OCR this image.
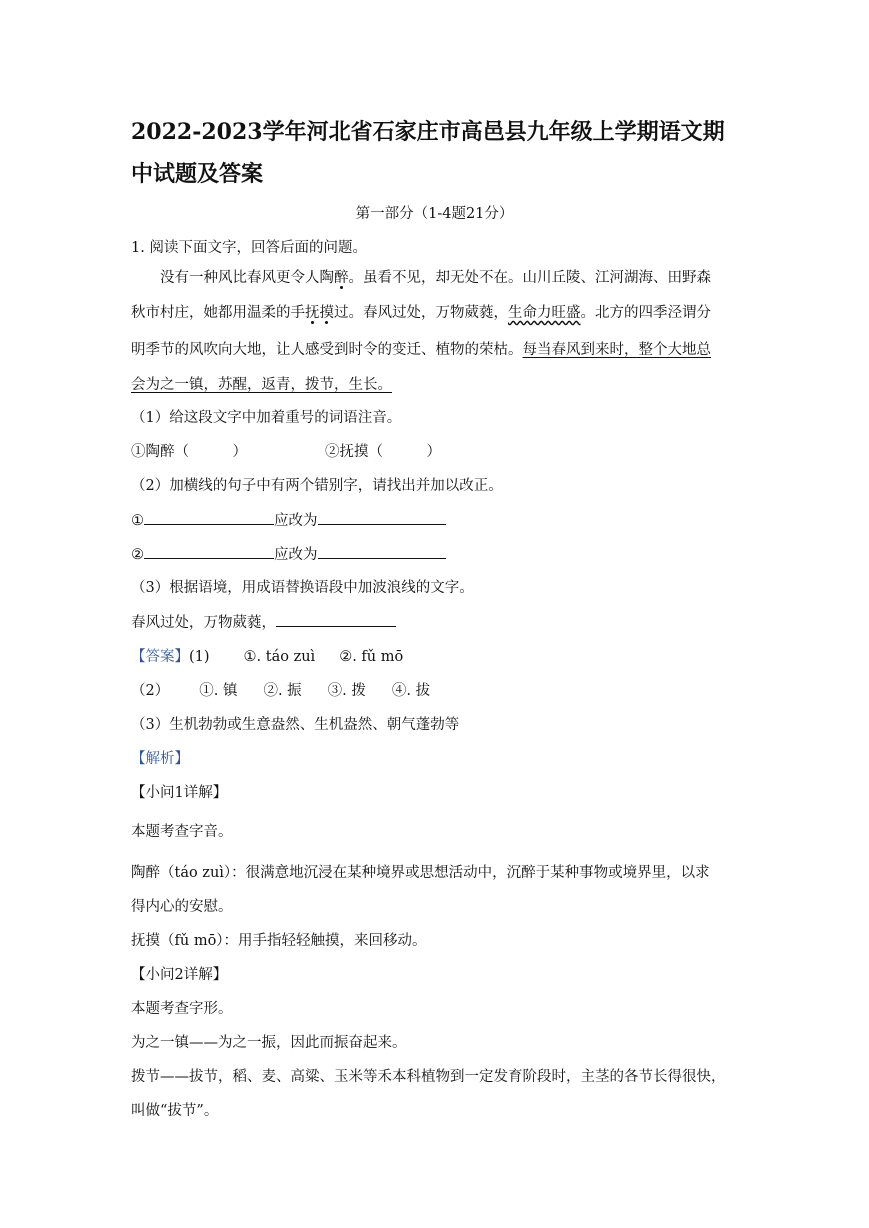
2022-2023学年河北省石家庄市高邑县九年级上学期语文期
中试题及答案
第一部分（1-4题21分）
1. 阅读下面文字，回答后面的问题。
没有一种风比春风更令人陶醉。虽看不见，却无处不在。山川丘陵、江河湖海、田野森
秋市村庄，她都用温柔的手抚摸过。春风过处，万物葳蕤，生命力旺盛。北方的四季泾谓分
明季节的风吹向大地，让人感受到时令的变迁、植物的荣枯。每当春风到来时，整个大地总
会为之一镇，苏醒，返青，拨节，生长。
（1）给这段文字中加着重号的词语注音。
①陶醉（　　　）	②抚摸（　　　）
（2）加横线的句子中有两个错别字，请找出并加以改正。
①	应改为
②	应改为
（3）根据语境，用成语替换语段中加波浪线的文字。
春风过处，万物葳蕤，
【答案】(1) ①. táo zuì ②. fǔ mō
（2） ①. 镇 ②. 振 ③. 拨 ④. 拔
（3）生机勃勃或生意盎然、生机盎然、朝气蓬勃等
【解析】
【小问1详解】
本题考查字音。
陶醉（táo zuì）：很满意地沉浸在某种境界或思想活动中，沉醉于某种事物或境界里，以求
得内心的安慰。
抚摸（fǔ mō）：用手指轻轻触摸，来回移动。
【小问2详解】
本题考查字形。
为之一镇——为之一振，因此而振奋起来。
拨节——拔节，稻、麦、高粱、玉米等禾本科植物到一定发育阶段时，主茎的各节长得很快，
叫做“拔节”。
